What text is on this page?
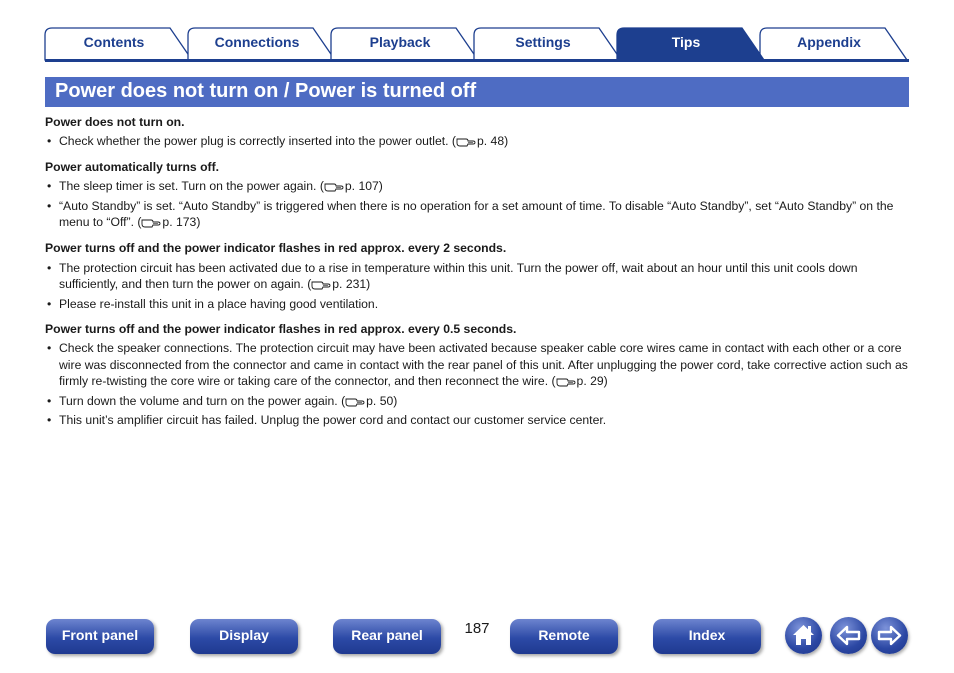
Contents	Connections	Playback	Settings	Tips	Appendix
Power does not turn on / Power is turned off

Power does not turn on.

• Check whether the power plug is correctly inserted into the power outlet. ( p. 48)

Power automatically turns off.

• The sleep timer is set. Turn on the power again. ( p. 107)
• “Auto Standby” is set. “Auto Standby” is triggered when there is no operation for a set amount of time. To disable “Auto Standby”, set “Auto Standby” on the menu to “Off”. ( p. 173)

Power turns off and the power indicator flashes in red approx. every 2 seconds.

• The protection circuit has been activated due to a rise in temperature within this unit. Turn the power off, wait about an hour until this unit cools down sufficiently, and then turn the power on again. ( p. 231)
• Please re-install this unit in a place having good ventilation.

Power turns off and the power indicator flashes in red approx. every 0.5 seconds.

• Check the speaker connections. The protection circuit may have been activated because speaker cable core wires came in contact with each other or a core wire was disconnected from the connector and came in contact with the rear panel of this unit. After unplugging the power cord, take corrective action such as firmly re-twisting the core wire or taking care of the connector, and then reconnect the wire. ( p. 29)
• Turn down the volume and turn on the power again. ( p. 50)
• This unit’s amplifier circuit has failed. Unplug the power cord and contact our customer service center.
Front panel	Display	Rear panel	187	Remote	Index
